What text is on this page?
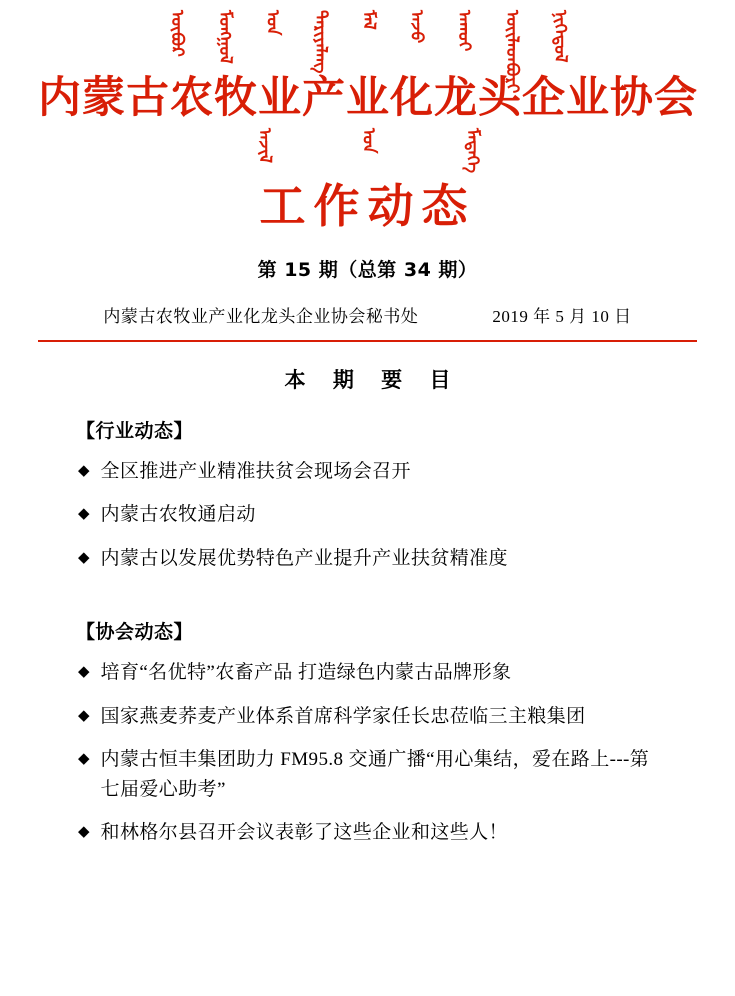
ᠦᠪᠦᠷ ᠮᠣᠩᠭᠣᠯ ᠤᠨ ᠲᠠᠷᠢᠶᠠᠯᠠᠩ ᠮᠠᠯ ᠠᠵᠤ ᠠᠬᠤᠢ ᠦᠢᠯᠡᠳᠪᠦᠷᠢ ᠨᠢᠭᠡᠳᠦᠯ
内蒙古农牧业产业化龙头企业协会
ᠠᠵᠢᠯ	ᠤᠨ	ᠮᠡᠳᠡᠭᠡ
工作动态
第 15 期（总第 34 期）
内蒙古农牧业产业化龙头企业协会秘书处	2019 年 5 月 10 日
本 期 要 目
【行业动态】
◆ 全区推进产业精准扶贫会现场会召开
◆ 内蒙古农牧通启动
◆ 内蒙古以发展优势特色产业提升产业扶贫精准度
【协会动态】
◆ 培育“名优特”农畜产品 打造绿色内蒙古品牌形象
◆ 国家燕麦荞麦产业体系首席科学家任长忠莅临三主粮集团
◆ 内蒙古恒丰集团助力 FM95.8 交通广播“用心集结，爱在路上---第七届爱心助考”
◆ 和林格尔县召开会议表彰了这些企业和这些人！
